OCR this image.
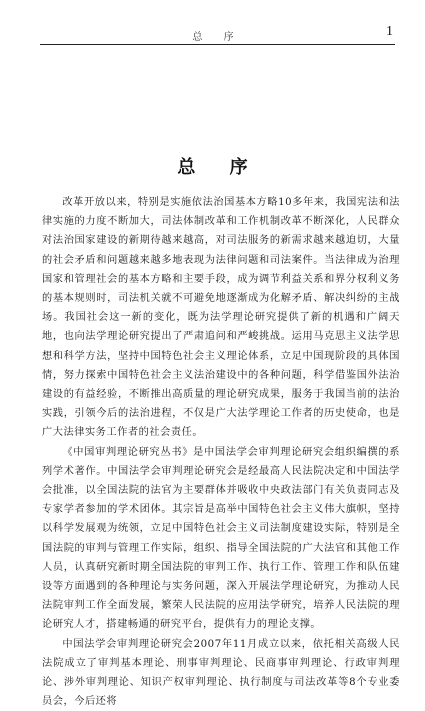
总 序	1
总 序

改革开放以来，特别是实施依法治国基本方略10多年来，我国宪法和法律实施的力度不断加大，司法体制改革和工作机制改革不断深化，人民群众对法治国家建设的新期待越来越高，对司法服务的新需求越来越迫切，大量的社会矛盾和问题越来越多地表现为法律问题和司法案件。当法律成为治理国家和管理社会的基本方略和主要手段，成为调节利益关系和界分权利义务的基本规则时，司法机关就不可避免地逐渐成为化解矛盾、解决纠纷的主战场。我国社会这一新的变化，既为法学理论研究提供了新的机遇和广阔天地，也向法学理论研究提出了严肃追问和严峻挑战。运用马克思主义法学思想和科学方法，坚持中国特色社会主义理论体系，立足中国现阶段的具体国情，努力探索中国特色社会主义法治建设中的各种问题，科学借鉴国外法治建设的有益经验，不断推出高质量的理论研究成果，服务于我国当前的法治实践，引领今后的法治进程，不仅是广大法学理论工作者的历史使命，也是广大法律实务工作者的社会责任。

《中国审判理论研究丛书》是中国法学会审判理论研究会组织编撰的系列学术著作。中国法学会审判理论研究会是经最高人民法院决定和中国法学会批准，以全国法院的法官为主要群体并吸收中央政法部门有关负责同志及专家学者参加的学术团体。其宗旨是高举中国特色社会主义伟大旗帜，坚持以科学发展观为统领，立足中国特色社会主义司法制度建设实际，特别是全国法院的审判与管理工作实际，组织、指导全国法院的广大法官和其他工作人员，认真研究新时期全国法院的审判工作、执行工作、管理工作和队伍建设等方面遇到的各种理论与实务问题，深入开展法学理论研究，为推动人民法院审判工作全面发展，繁荣人民法院的应用法学研究，培养人民法院的理论研究人才，搭建畅通的研究平台，提供有力的理论支撑。

中国法学会审判理论研究会2007年11月成立以来，依托相关高级人民法院成立了审判基本理论、刑事审判理论、民商事审判理论、行政审判理论、涉外审判理论、知识产权审判理论、执行制度与司法改革等8个专业委员会，今后还将
